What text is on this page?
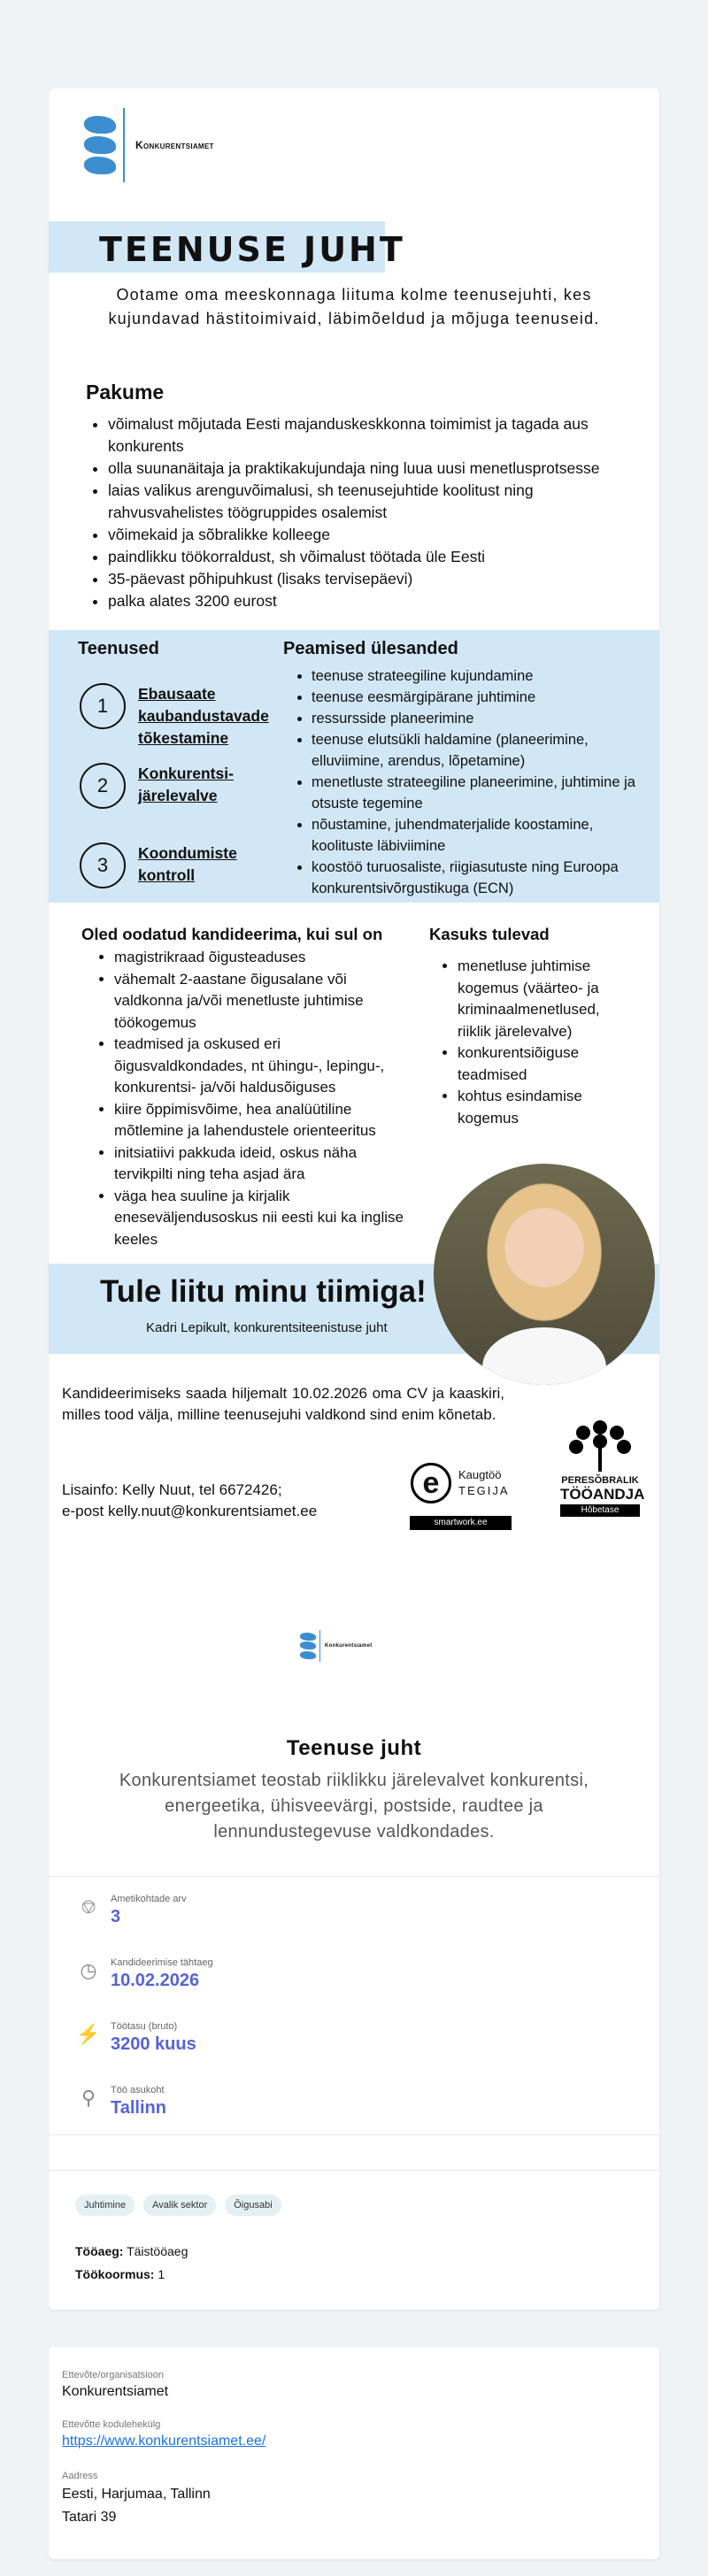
Konkurentsiamet
TEENUSE JUHT
Ootame oma meeskonnaga liituma kolme teenusejuhti, kes kujundavad hästitoimivaid, läbimõeldud ja mõjuga teenuseid.
Pakume
• võimalust mõjutada Eesti majanduskeskkonna toimimist ja tagada aus konkurents
• olla suunanäitaja ja praktikakujundaja ning luua uusi menetlusprotsesse
• laias valikus arenguvõimalusi, sh teenusejuhtide koolitust ning rahvusvahelistes töögruppides osalemist
• võimekaid ja sõbralikke kolleege
• paindlikku töökorraldust, sh võimalust töötada üle Eesti
• 35-päevast põhipuhkust (lisaks tervisepäevi)
• palka alates 3200 eurost
Teenused
1
Ebausaate kaubandustavade tõkestamine
2
Konkurentsi-järelevalve
3
Koondumiste kontroll
Peamised ülesanded
• teenuse strateegiline kujundamine
• teenuse eesmärgipärane juhtimine
• ressursside planeerimine
• teenuse elutsükli haldamine (planeerimine, elluviimine, arendus, lõpetamine)
• menetluste strateegiline planeerimine, juhtimine ja otsuste tegemine
• nõustamine, juhendmaterjalide koostamine, koolituste läbiviimine
• koostöö turuosaliste, riigiasutuste ning Euroopa konkurentsivõrgustikuga (ECN)
Oled oodatud kandideerima, kui sul on
• magistrikraad õigusteaduses
• vähemalt 2-aastane õigusalane või valdkonna ja/või menetluste juhtimise töökogemus
• teadmised ja oskused eri õigusvaldkondades, nt ühingu-, lepingu-, konkurentsi- ja/või haldusõiguses
• kiire õppimisvõime, hea analüütiline mõtlemine ja lahendustele orienteeritus
• initsiatiivi pakkuda ideid, oskus näha tervikpilti ning teha asjad ära
• väga hea suuline ja kirjalik eneseväljendusoskus nii eesti kui ka inglise keeles
Kasuks tulevad
• menetluse juhtimise kogemus (väärteo- ja kriminaalmenetlused, riiklik järelevalve)
• konkurentsiõiguse teadmised
• kohtus esindamise kogemus
Tule liitu minu tiimiga!
Kadri Lepikult, konkurentsiteenistuse juht
Kandideerimiseks saada hiljemalt 10.02.2026 oma CV ja kaaskiri, milles tood välja, milline teenusejuhi valdkond sind enim kõnetab.
Lisainfo: Kelly Nuut, tel 6672426;
e-post kelly.nuut@konkurentsiamet.ee
e	Kaugtöö
TEGIJA
smartwork.ee
PERESÕBRALIK
TÖÖANDJA
Hõbetase
Konkurentsiamet
Teenuse juht
Konkurentsiamet teostab riiklikku järelevalvet konkurentsi, energeetika, ühisveevärgi, postside, raudtee ja lennundustegevuse valdkondades.
⎊	Ametikohtade arv
3
◷	Kandideerimise tähtaeg
10.02.2026
⚡ Töötasu (bruto)
3200 kuus
⚲	Töö asukoht
Tallinn
Juhtimine	Avalik sektor	Õigusabi
Tööaeg: Täistööaeg
Töökoormus: 1
Ettevõte/organisatsioon
Konkurentsiamet
Ettevõtte kodulehekülg
https://www.konkurentsiamet.ee/
Aadress
Eesti, Harjumaa, Tallinn
Tatari 39
